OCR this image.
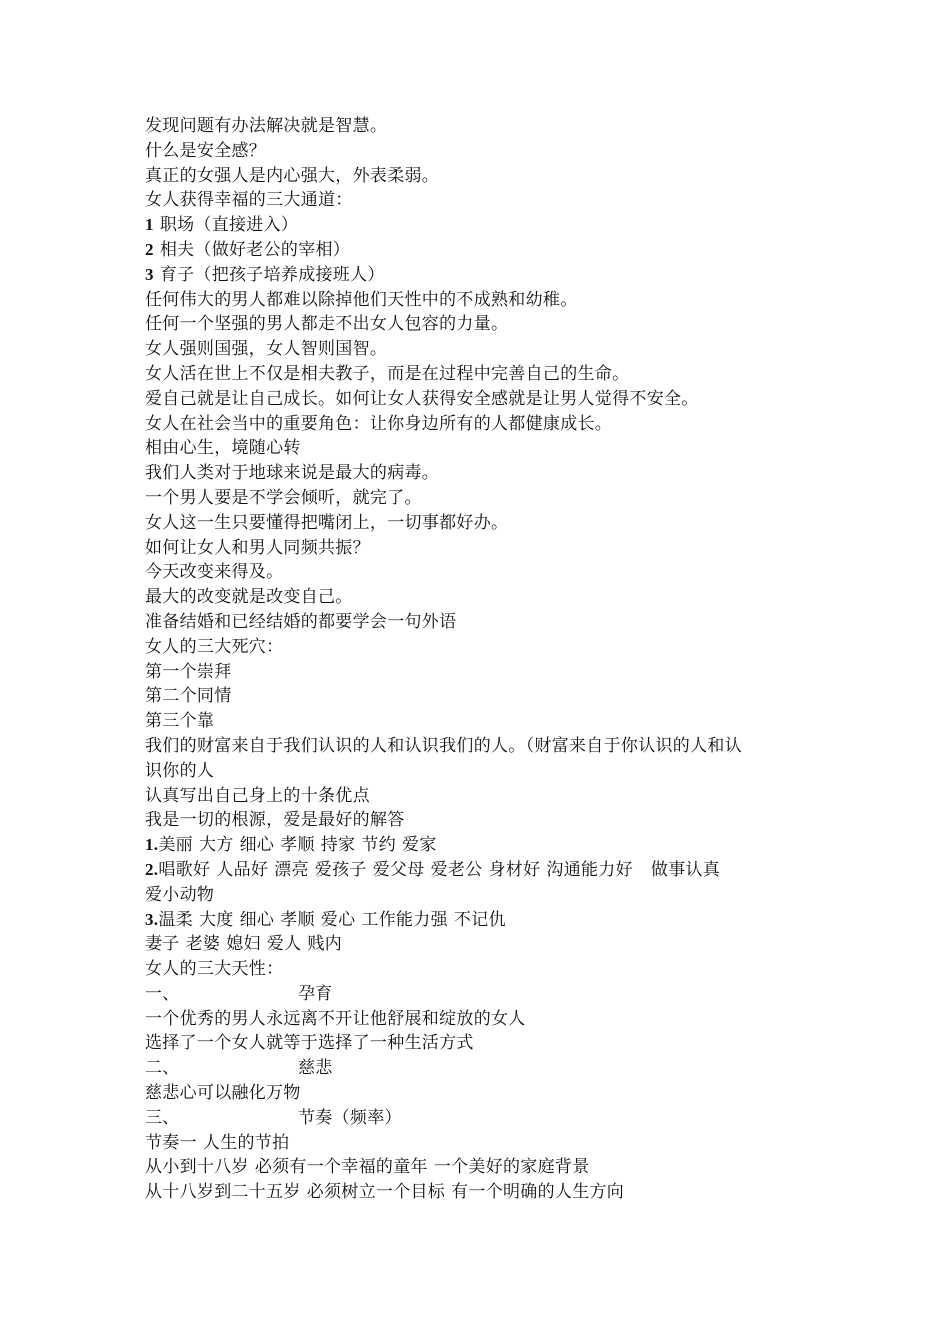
发现问题有办法解决就是智慧。
什么是安全感？
真正的女强人是内心强大，外表柔弱。
女人获得幸福的三大通道：
1 职场（直接进入）
2 相夫（做好老公的宰相）
3 育子（把孩子培养成接班人）
任何伟大的男人都难以除掉他们天性中的不成熟和幼稚。
任何一个坚强的男人都走不出女人包容的力量。
女人强则国强，女人智则国智。
女人活在世上不仅是相夫教子，而是在过程中完善自己的生命。
爱自己就是让自己成长。如何让女人获得安全感就是让男人觉得不安全。
女人在社会当中的重要角色：让你身边所有的人都健康成长。
相由心生，境随心转
我们人类对于地球来说是最大的病毒。
一个男人要是不学会倾听，就完了。
女人这一生只要懂得把嘴闭上，一切事都好办。
如何让女人和男人同频共振？
今天改变来得及。
最大的改变就是改变自己。
准备结婚和已经结婚的都要学会一句外语
女人的三大死穴：
第一个崇拜
第二个同情
第三个靠
我们的财富来自于我们认识的人和认识我们的人。（财富来自于你认识的人和认
识你的人
认真写出自己身上的十条优点
我是一切的根源，爱是最好的解答
1.美丽 大方 细心 孝顺 持家 节约 爱家
2.唱歌好 人品好 漂亮 爱孩子 爱父母 爱老公 身材好 沟通能力好 做事认真
爱小动物
3.温柔 大度 细心 孝顺 爱心 工作能力强 不记仇
妻子 老婆 媳妇 爱人 贱内
女人的三大天性：
一、	孕育
一个优秀的男人永远离不开让他舒展和绽放的女人
选择了一个女人就等于选择了一种生活方式
二、	慈悲
慈悲心可以融化万物
三、	节奏（频率）
节奏一 人生的节拍
从小到十八岁 必须有一个幸福的童年 一个美好的家庭背景
从十八岁到二十五岁 必须树立一个目标 有一个明确的人生方向
